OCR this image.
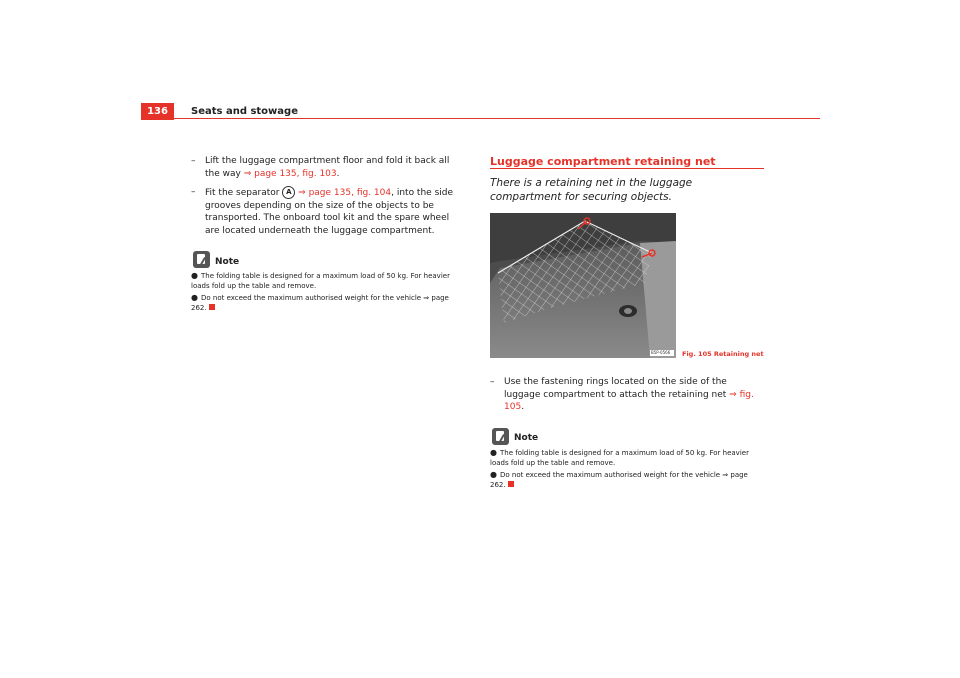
136	Seats and stowage
– Lift the luggage compartment floor and fold it back all the way ⇒ page 135, fig. 103.
– Fit the separator A ⇒ page 135, fig. 104, into the side grooves depending on the size of the objects to be transported. The onboard tool kit and the spare wheel are located underneath the luggage compartment.
Note
● The folding table is designed for a maximum load of 50 kg. For heavier loads fold up the table and remove.
● Do not exceed the maximum authorised weight for the vehicle ⇒ page 262.
Luggage compartment retaining net
There is a retaining net in the luggage compartment for securing objects.
B5P-0566 Fig. 105 Retaining net
– Use the fastening rings located on the side of the luggage compartment to attach the retaining net ⇒ fig. 105.
Note
● The folding table is designed for a maximum load of 50 kg. For heavier loads fold up the table and remove.
● Do not exceed the maximum authorised weight for the vehicle ⇒ page 262.
